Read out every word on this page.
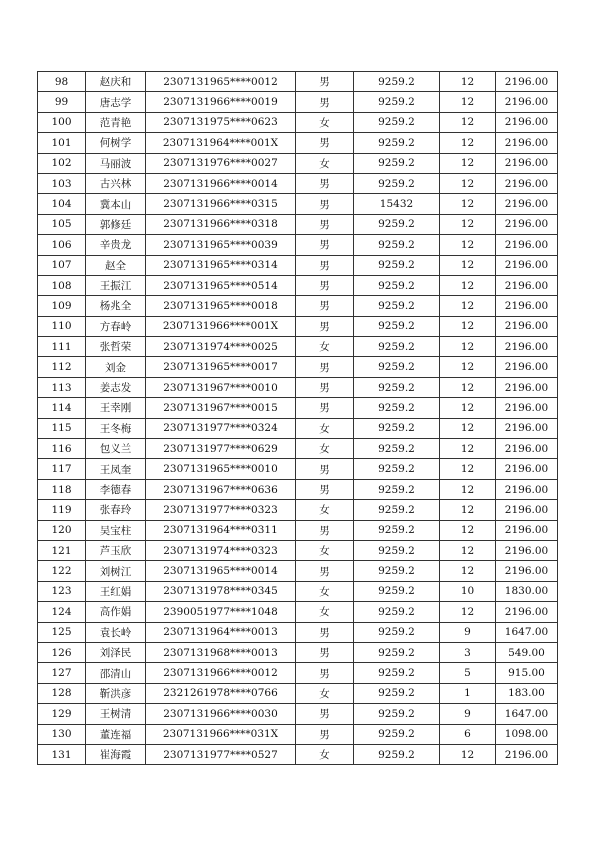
98	赵庆和	2307131965****0012	男	9259.2	12	2196.00
99	唐志学	2307131966****0019	男	9259.2	12	2196.00
100	范青艳	2307131975****0623	女	9259.2	12	2196.00
101	何树学	2307131964****001X	男	9259.2	12	2196.00
102	马丽波	2307131976****0027	女	9259.2	12	2196.00
103	古兴林	2307131966****0014	男	9259.2	12	2196.00
104	冀本山	2307131966****0315	男	15432	12	2196.00
105	郭修廷	2307131966****0318	男	9259.2	12	2196.00
106	辛贵龙	2307131965****0039	男	9259.2	12	2196.00
107	赵全	2307131965****0314	男	9259.2	12	2196.00
108	王振江	2307131965****0514	男	9259.2	12	2196.00
109	杨兆全	2307131965****0018	男	9259.2	12	2196.00
110	方春岭	2307131966****001X	男	9259.2	12	2196.00
111	张哲荣	2307131974****0025	女	9259.2	12	2196.00
112	刘金	2307131965****0017	男	9259.2	12	2196.00
113	姜志发	2307131967****0010	男	9259.2	12	2196.00
114	王幸刚	2307131967****0015	男	9259.2	12	2196.00
115	王冬梅	2307131977****0324	女	9259.2	12	2196.00
116	包义兰	2307131977****0629	女	9259.2	12	2196.00
117	王凤奎	2307131965****0010	男	9259.2	12	2196.00
118	李德春	2307131967****0636	男	9259.2	12	2196.00
119	张春玲	2307131977****0323	女	9259.2	12	2196.00
120	吴宝柱	2307131964****0311	男	9259.2	12	2196.00
121	芦玉欣	2307131974****0323	女	9259.2	12	2196.00
122	刘树江	2307131965****0014	男	9259.2	12	2196.00
123	王红娟	2307131978****0345	女	9259.2	10	1830.00
124	高作娟	2390051977****1048	女	9259.2	12	2196.00
125	袁长岭	2307131964****0013	男	9259.2	9	1647.00
126	刘泽民	2307131968****0013	男	9259.2	3	549.00
127	邵清山	2307131966****0012	男	9259.2	5	915.00
128	靳洪彦	2321261978****0766	女	9259.2	1	183.00
129	王树清	2307131966****0030	男	9259.2	9	1647.00
130	董连福	2307131966****031X	男	9259.2	6	1098.00
131	崔海霞	2307131977****0527	女	9259.2	12	2196.00
